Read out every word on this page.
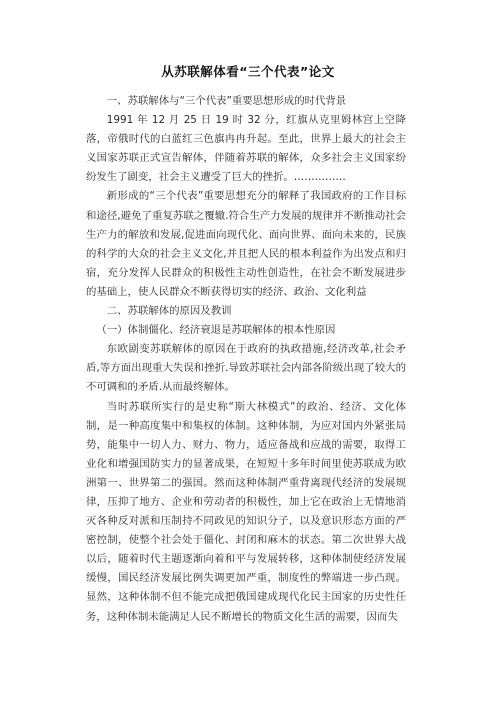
从苏联解体看“三个代表”论文

一、苏联解体与“三个代表”重要思想形成的时代背景

1991 年 12 月 25 日 19 时 32 分，红旗从克里姆林宫上空降落，帝俄时代的白蓝红三色旗冉冉升起。至此，世界上最大的社会主义国家苏联正式宣告解体，伴随着苏联的解体，众多社会主义国家纷纷发生了剧变，社会主义遭受了巨大的挫折。……………

新形成的“三个代表”重要思想充分的解释了我国政府的工作目标和途径,避免了重复苏联之覆辙.符合生产力发展的规律并不断推动社会生产力的解放和发展,促进面向现代化、面向世界、面向未来的，民族的科学的大众的社会主义文化,并且把人民的根本利益作为出发点和归宿，充分发挥人民群众的积极性主动性创造性，在社会不断发展进步的基础上，使人民群众不断获得切实的经济、政治、文化利益

二、苏联解体的原因及教训

（一）体制僵化、经济衰退是苏联解体的根本性原因

东欧剧变苏联解体的原因在于政府的执政措施,经济改革,社会矛盾,等方面出现重大失误和挫折.导致苏联社会内部各阶级出现了较大的不可调和的矛盾.从而最终解体。

当时苏联所实行的是史称“斯大林模式”的政治、经济、文化体制，是一种高度集中和集权的体制。这种体制，为应对国内外紧张局势，能集中一切人力、财力、物力，适应备战和应战的需要，取得工业化和增强国防实力的显著成果，在短短十多年时间里使苏联成为欧洲第一、世界第二的强国。然而这种体制严重背离现代经济的发展规律，压抑了地方、企业和劳动者的积极性，加上它在政治上无情地消灭各种反对派和压制持不同政见的知识分子，以及意识形态方面的严密控制，使整个社会处于僵化、封闭和麻木的状态。第二次世界大战以后，随着时代主题逐渐向着和平与发展转移，这种体制使经济发展缓慢，国民经济发展比例失调更加严重，制度性的弊端进一步凸现。显然，这种体制不但不能完成把俄国建成现代化民主国家的历史性任务，这种体制未能满足人民不断增长的物质文化生活的需要，因而失
